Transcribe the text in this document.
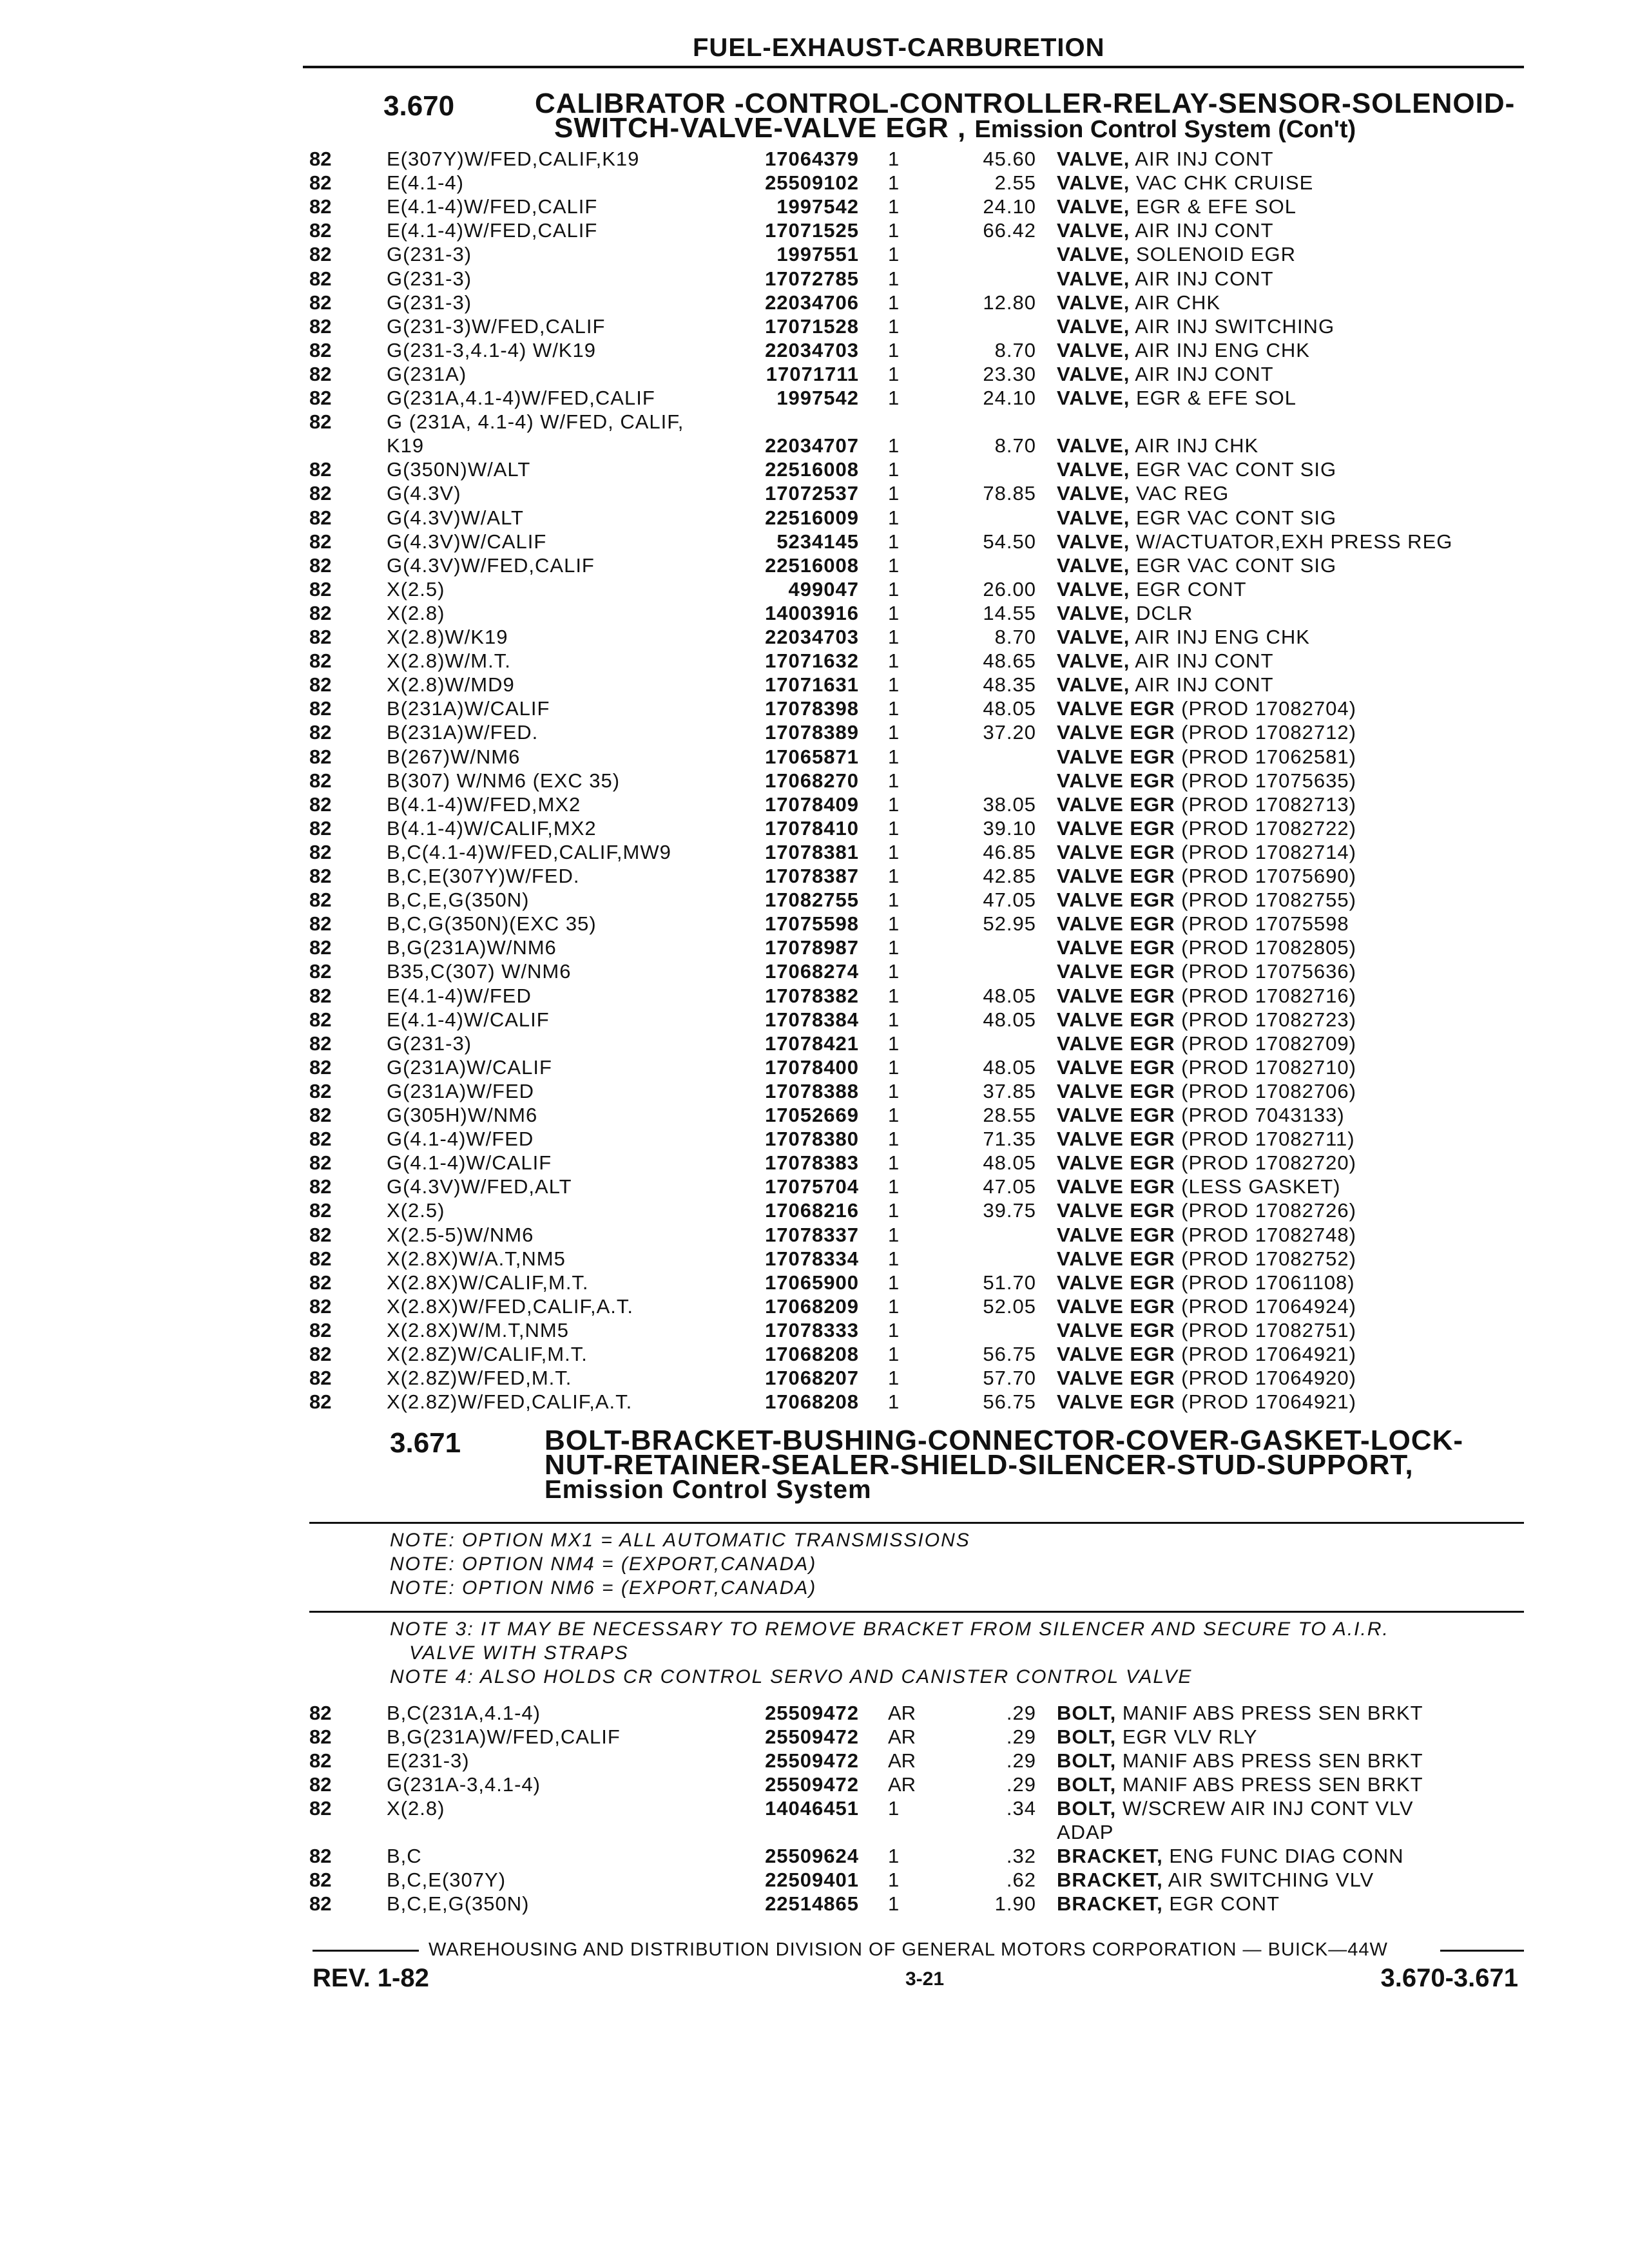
FUEL-EXHAUST-CARBURETION
3.670	CALIBRATOR -CONTROL-CONTROLLER-RELAY-SENSOR-SOLENOID-
SWITCH-VALVE-VALVE EGR , Emission Control System (Con't)
82	E(307Y)W/FED,CALIF,K19	17064379 1	45.60 VALVE, AIR INJ CONT
82	E(4.1-4)	25509102 1	2.55 VALVE, VAC CHK CRUISE
82	E(4.1-4)W/FED,CALIF	1997542 1	24.10 VALVE, EGR & EFE SOL
82	E(4.1-4)W/FED,CALIF	17071525 1	66.42 VALVE, AIR INJ CONT
82	G(231-3)	1997551 1	VALVE, SOLENOID EGR
82	G(231-3)	17072785 1	VALVE, AIR INJ CONT
82	G(231-3)	22034706 1	12.80 VALVE, AIR CHK
82	G(231-3)W/FED,CALIF	17071528 1	VALVE, AIR INJ SWITCHING
82	G(231-3,4.1-4) W/K19	22034703 1	8.70 VALVE, AIR INJ ENG CHK
82	G(231A)	17071711 1	23.30 VALVE, AIR INJ CONT
82	G(231A,4.1-4)W/FED,CALIF	1997542 1	24.10 VALVE, EGR & EFE SOL
82	G (231A, 4.1-4) W/FED, CALIF,
K19	22034707 1	8.70 VALVE, AIR INJ CHK
82	G(350N)W/ALT	22516008 1	VALVE, EGR VAC CONT SIG
82	G(4.3V)	17072537 1	78.85 VALVE, VAC REG
82	G(4.3V)W/ALT	22516009 1	VALVE, EGR VAC CONT SIG
82	G(4.3V)W/CALIF	5234145 1	54.50 VALVE, W/ACTUATOR,EXH PRESS REG
82	G(4.3V)W/FED,CALIF	22516008 1	VALVE, EGR VAC CONT SIG
82	X(2.5)	499047 1	26.00 VALVE, EGR CONT
82	X(2.8)	14003916 1	14.55 VALVE, DCLR
82	X(2.8)W/K19	22034703 1	8.70 VALVE, AIR INJ ENG CHK
82	X(2.8)W/M.T.	17071632 1	48.65 VALVE, AIR INJ CONT
82	X(2.8)W/MD9	17071631 1	48.35 VALVE, AIR INJ CONT
82	B(231A)W/CALIF	17078398 1	48.05 VALVE EGR (PROD 17082704)
82	B(231A)W/FED.	17078389 1	37.20 VALVE EGR (PROD 17082712)
82	B(267)W/NM6	17065871 1	VALVE EGR (PROD 17062581)
82	B(307) W/NM6 (EXC 35)	17068270 1	VALVE EGR (PROD 17075635)
82	B(4.1-4)W/FED,MX2	17078409 1	38.05 VALVE EGR (PROD 17082713)
82	B(4.1-4)W/CALIF,MX2	17078410 1	39.10 VALVE EGR (PROD 17082722)
82	B,C(4.1-4)W/FED,CALIF,MW9	17078381 1	46.85 VALVE EGR (PROD 17082714)
82	B,C,E(307Y)W/FED.	17078387 1	42.85 VALVE EGR (PROD 17075690)
82	B,C,E,G(350N)	17082755 1	47.05 VALVE EGR (PROD 17082755)
82	B,C,G(350N)(EXC 35)	17075598 1	52.95 VALVE EGR (PROD 17075598
82	B,G(231A)W/NM6	17078987 1	VALVE EGR (PROD 17082805)
82	B35,C(307) W/NM6	17068274 1	VALVE EGR (PROD 17075636)
82	E(4.1-4)W/FED	17078382 1	48.05 VALVE EGR (PROD 17082716)
82	E(4.1-4)W/CALIF	17078384 1	48.05 VALVE EGR (PROD 17082723)
82	G(231-3)	17078421 1	VALVE EGR (PROD 17082709)
82	G(231A)W/CALIF	17078400 1	48.05 VALVE EGR (PROD 17082710)
82	G(231A)W/FED	17078388 1	37.85 VALVE EGR (PROD 17082706)
82	G(305H)W/NM6	17052669 1	28.55 VALVE EGR (PROD 7043133)
82	G(4.1-4)W/FED	17078380 1	71.35 VALVE EGR (PROD 17082711)
82	G(4.1-4)W/CALIF	17078383 1	48.05 VALVE EGR (PROD 17082720)
82	G(4.3V)W/FED,ALT	17075704 1	47.05 VALVE EGR (LESS GASKET)
82	X(2.5)	17068216 1	39.75 VALVE EGR (PROD 17082726)
82	X(2.5-5)W/NM6	17078337 1	VALVE EGR (PROD 17082748)
82	X(2.8X)W/A.T,NM5	17078334 1	VALVE EGR (PROD 17082752)
82	X(2.8X)W/CALIF,M.T.	17065900 1	51.70 VALVE EGR (PROD 17061108)
82	X(2.8X)W/FED,CALIF,A.T.	17068209 1	52.05 VALVE EGR (PROD 17064924)
82	X(2.8X)W/M.T,NM5	17078333 1	VALVE EGR (PROD 17082751)
82	X(2.8Z)W/CALIF,M.T.	17068208 1	56.75 VALVE EGR (PROD 17064921)
82	X(2.8Z)W/FED,M.T.	17068207 1	57.70 VALVE EGR (PROD 17064920)
82	X(2.8Z)W/FED,CALIF,A.T.	17068208 1	56.75 VALVE EGR (PROD 17064921)
3.671	BOLT-BRACKET-BUSHING-CONNECTOR-COVER-GASKET-LOCK-
NUT-RETAINER-SEALER-SHIELD-SILENCER-STUD-SUPPORT,
Emission Control System
NOTE: OPTION MX1 = ALL AUTOMATIC TRANSMISSIONS
NOTE: OPTION NM4 = (EXPORT,CANADA)
NOTE: OPTION NM6 = (EXPORT,CANADA)
NOTE 3: IT MAY BE NECESSARY TO REMOVE BRACKET FROM SILENCER AND SECURE TO A.I.R.
VALVE WITH STRAPS
NOTE 4: ALSO HOLDS CR CONTROL SERVO AND CANISTER CONTROL VALVE
82	B,C(231A,4.1-4)	25509472 AR	.29 BOLT, MANIF ABS PRESS SEN BRKT
82	B,G(231A)W/FED,CALIF	25509472 AR	.29 BOLT, EGR VLV RLY
82	E(231-3)	25509472 AR	.29 BOLT, MANIF ABS PRESS SEN BRKT
82	G(231A-3,4.1-4)	25509472 AR	.29 BOLT, MANIF ABS PRESS SEN BRKT
82	X(2.8)	14046451 1	.34 BOLT, W/SCREW AIR INJ CONT VLV
ADAP
82	B,C	25509624 1	.32 BRACKET, ENG FUNC DIAG CONN
82	B,C,E(307Y)	22509401 1	.62 BRACKET, AIR SWITCHING VLV
82	B,C,E,G(350N)	22514865 1	1.90 BRACKET, EGR CONT
WAREHOUSING AND DISTRIBUTION DIVISION OF GENERAL MOTORS CORPORATION — BUICK—44W
REV. 1-82	3-21	3.670-3.671
